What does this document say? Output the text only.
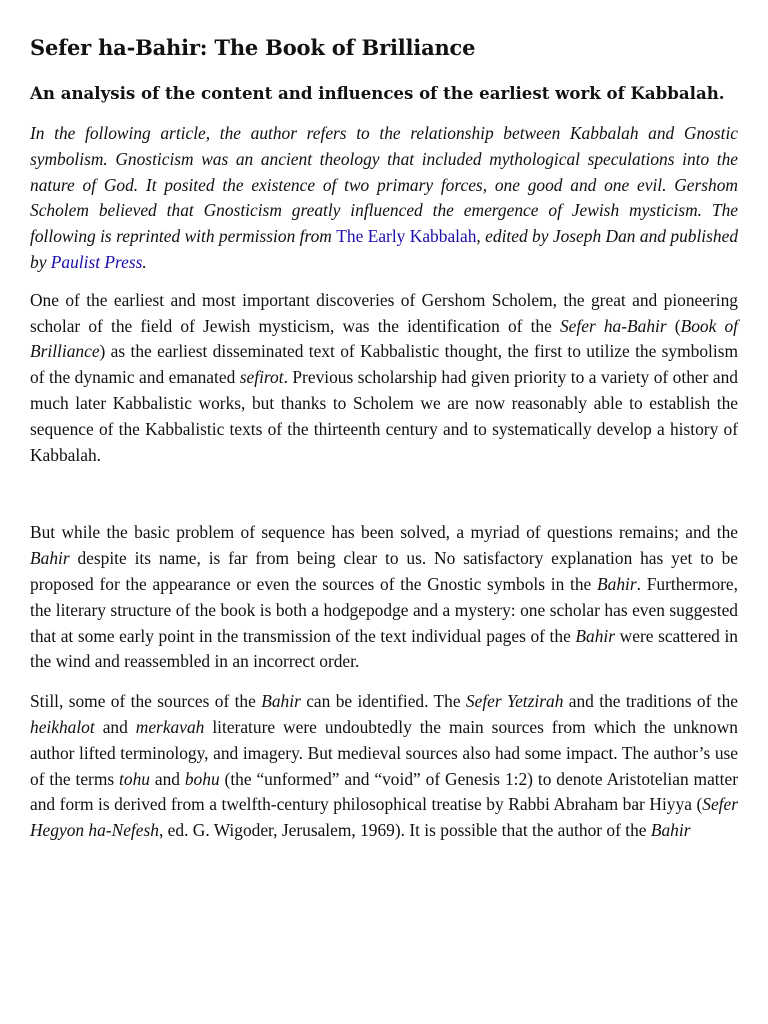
Sefer ha-Bahir: The Book of Brilliance
An analysis of the content and influences of the earliest work of Kabbalah.

In the following article, the author refers to the relationship between Kabbalah and Gnostic symbolism. Gnosticism was an ancient theology that included mythological speculations into the nature of God. It posited the existence of two primary forces, one good and one evil. Gershom Scholem believed that Gnosticism greatly influenced the emergence of Jewish mysticism. The following is reprinted with permission from The Early Kabbalah, edited by Joseph Dan and published by Paulist Press.

One of the earliest and most important discoveries of Gershom Scholem, the great and pioneering scholar of the field of Jewish mysticism, was the identification of the Sefer ha-Bahir (Book of Brilliance) as the earliest disseminated text of Kabbalistic thought, the first to utilize the symbolism of the dynamic and emanated sefirot. Previous scholarship had given priority to a variety of other and much later Kabbalistic works, but thanks to Scholem we are now reasonably able to establish the sequence of the Kabbalistic texts of the thirteenth century and to systematically develop a history of Kabbalah.

But while the basic problem of sequence has been solved, a myriad of questions remains; and the Bahir despite its name, is far from being clear to us. No satisfactory explanation has yet to be proposed for the appearance or even the sources of the Gnostic symbols in the Bahir. Furthermore, the literary structure of the book is both a hodgepodge and a mystery: one scholar has even suggested that at some early point in the transmission of the text individual pages of the Bahir were scattered in the wind and reassembled in an incorrect order.

Still, some of the sources of the Bahir can be identified. The Sefer Yetzirah and the traditions of the heikhalot and merkavah literature were undoubtedly the main sources from which the unknown author lifted terminology, and imagery. But medieval sources also had some impact. The author’s use of the terms tohu and bohu (the “unformed” and “void” of Genesis 1:2) to denote Aristotelian matter and form is derived from a twelfth-century philosophical treatise by Rabbi Abraham bar Hiyya (Sefer Hegyon ha-Nefesh, ed. G. Wigoder, Jerusalem, 1969). It is possible that the author of the Bahir
